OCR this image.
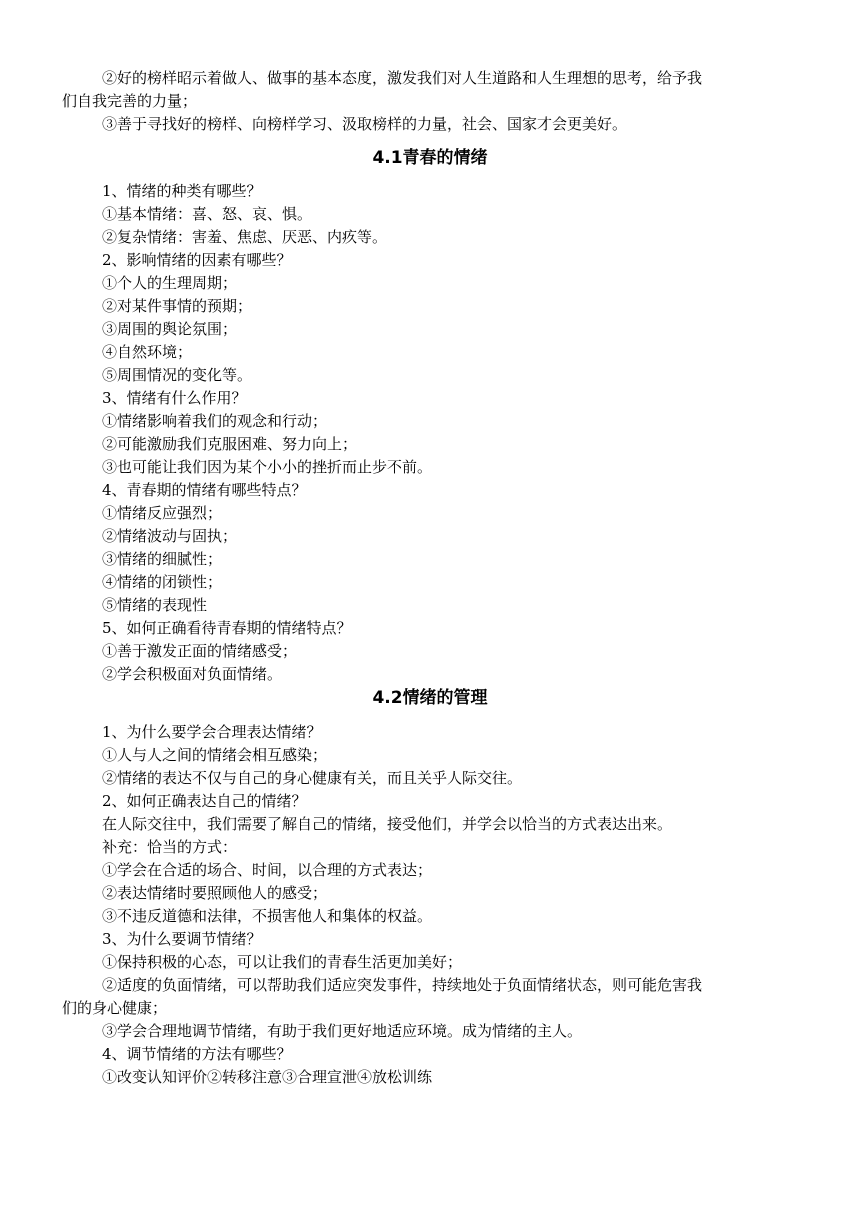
②好的榜样昭示着做人、做事的基本态度，激发我们对人生道路和人生理想的思考，给予我
们自我完善的力量；
③善于寻找好的榜样、向榜样学习、汲取榜样的力量，社会、国家才会更美好。
4.1青春的情绪
1、情绪的种类有哪些？
①基本情绪：喜、怒、哀、惧。
②复杂情绪：害羞、焦虑、厌恶、内疚等。
2、影响情绪的因素有哪些？
①个人的生理周期；
②对某件事情的预期；
③周围的舆论氛围；
④自然环境；
⑤周围情况的变化等。
3、情绪有什么作用？
①情绪影响着我们的观念和行动；
②可能激励我们克服困难、努力向上；
③也可能让我们因为某个小小的挫折而止步不前。
4、青春期的情绪有哪些特点？
①情绪反应强烈；
②情绪波动与固执；
③情绪的细腻性；
④情绪的闭锁性；
⑤情绪的表现性
5、如何正确看待青春期的情绪特点？
①善于激发正面的情绪感受；
②学会积极面对负面情绪。
4.2情绪的管理
1、为什么要学会合理表达情绪？
①人与人之间的情绪会相互感染；
②情绪的表达不仅与自己的身心健康有关，而且关乎人际交往。
2、如何正确表达自己的情绪？
在人际交往中，我们需要了解自己的情绪，接受他们，并学会以恰当的方式表达出来。
补充：恰当的方式：
①学会在合适的场合、时间，以合理的方式表达；
②表达情绪时要照顾他人的感受；
③不违反道德和法律，不损害他人和集体的权益。
3、为什么要调节情绪？
①保持积极的心态，可以让我们的青春生活更加美好；
②适度的负面情绪，可以帮助我们适应突发事件，持续地处于负面情绪状态，则可能危害我
们的身心健康；
③学会合理地调节情绪，有助于我们更好地适应环境。成为情绪的主人。
4、调节情绪的方法有哪些？
①改变认知评价②转移注意③合理宣泄④放松训练
